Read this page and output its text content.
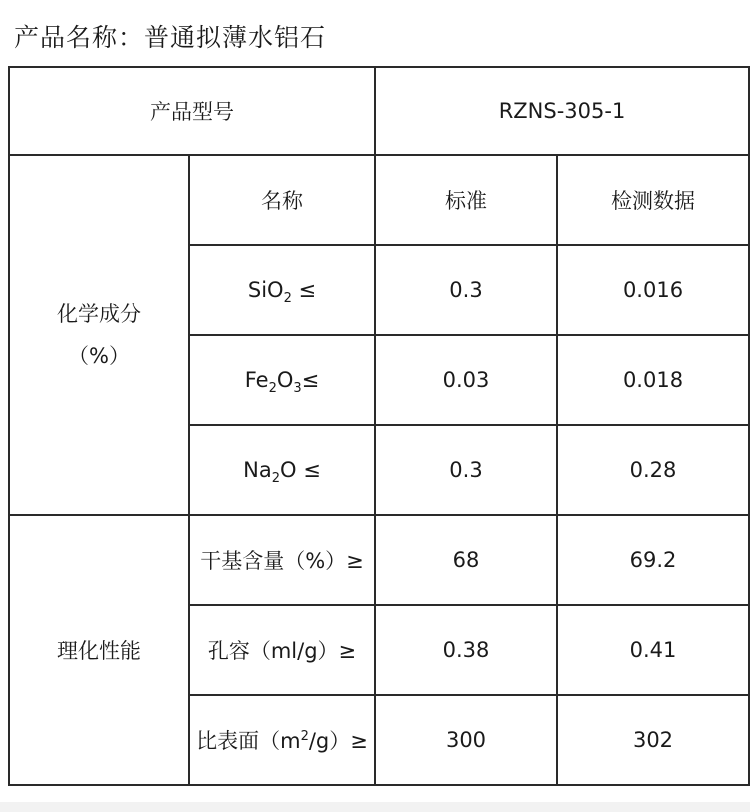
产品名称：普通拟薄水铝石
产品型号		RZNS-305-1	

化学成分
（%）	名称	标准	检测数据
	SiO$_2$ ≤	0.3	0.016
	$Fe_2O_3\le$	0.03	0.018
	$Na_2O$ ≤	0.3	0.28
理化性能	干基含量（%）≥	68	69.2
	孔容（ml/g）≥	0.38	0.41
	比表面$(m^2/g)\ge$	300	302
